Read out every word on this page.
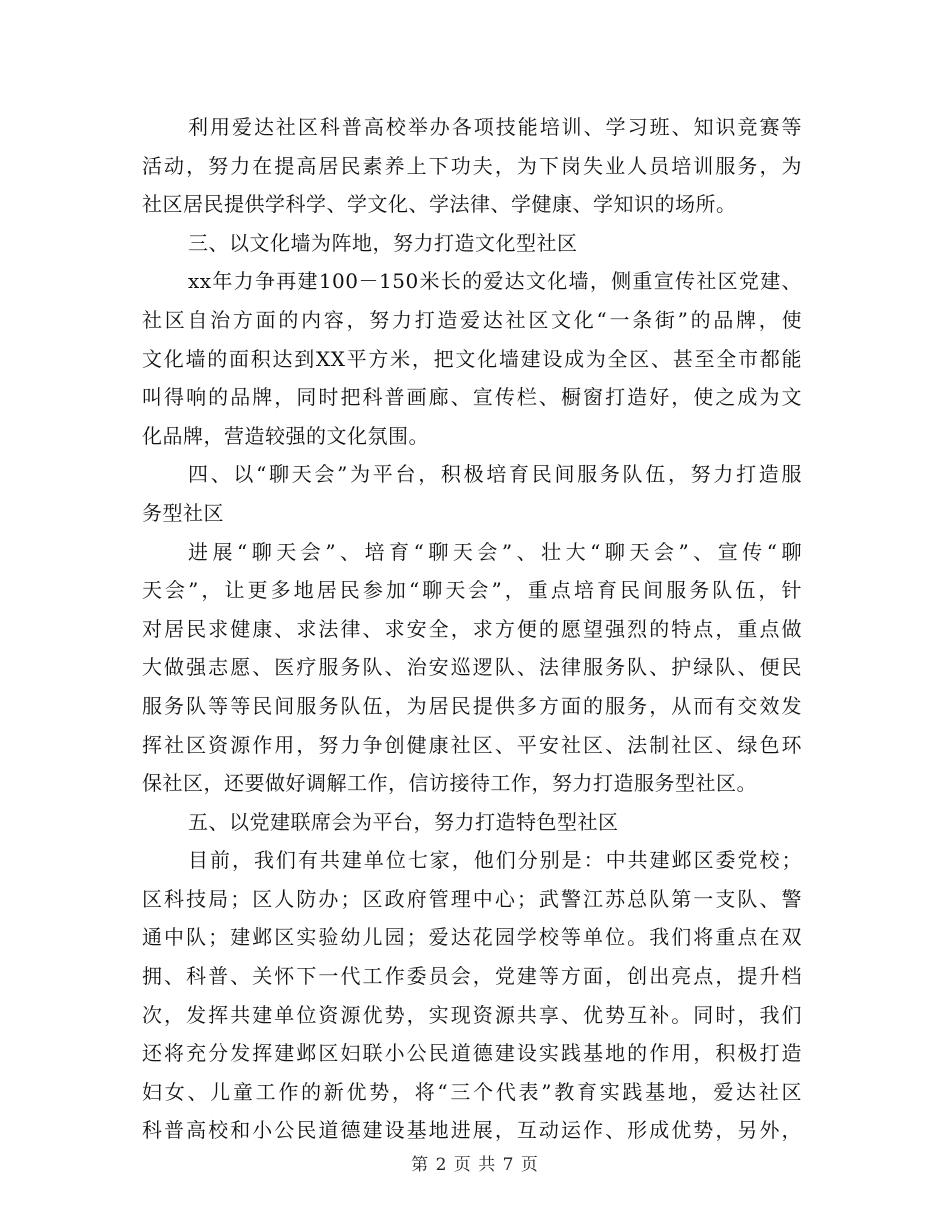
利用爱达社区科普高校举办各项技能培训、学习班、知识竞赛等
活动，努力在提高居民素养上下功夫，为下岗失业人员培训服务，为
社区居民提供学科学、学文化、学法律、学健康、学知识的场所。
三、以文化墙为阵地，努力打造文化型社区
xx年力争再建100－150米长的爱达文化墙，侧重宣传社区党建、
社区自治方面的内容，努力打造爱达社区文化“一条街”的品牌，使
文化墙的面积达到XX平方米，把文化墙建设成为全区、甚至全市都能
叫得响的品牌，同时把科普画廊、宣传栏、橱窗打造好，使之成为文
化品牌，营造较强的文化氛围。
四、以“聊天会”为平台，积极培育民间服务队伍，努力打造服
务型社区
进展“聊天会”、培育“聊天会”、壮大“聊天会”、宣传“聊
天会”，让更多地居民参加“聊天会”，重点培育民间服务队伍，针
对居民求健康、求法律、求安全，求方便的愿望强烈的特点，重点做
大做强志愿、医疗服务队、治安巡逻队、法律服务队、护绿队、便民
服务队等等民间服务队伍，为居民提供多方面的服务，从而有交效发
挥社区资源作用，努力争创健康社区、平安社区、法制社区、绿色环
保社区，还要做好调解工作，信访接待工作，努力打造服务型社区。
五、以党建联席会为平台，努力打造特色型社区
目前，我们有共建单位七家，他们分别是：中共建邺区委党校；
区科技局；区人防办；区政府管理中心；武警江苏总队第一支队、警
通中队；建邺区实验幼儿园；爱达花园学校等单位。我们将重点在双
拥、科普、关怀下一代工作委员会，党建等方面，创出亮点，提升档
次，发挥共建单位资源优势，实现资源共享、优势互补。同时，我们
还将充分发挥建邺区妇联小公民道德建设实践基地的作用，积极打造
妇女、儿童工作的新优势，将“三个代表”教育实践基地，爱达社区
科普高校和小公民道德建设基地进展，互动运作、形成优势，另外，
第 2 页 共 7 页
